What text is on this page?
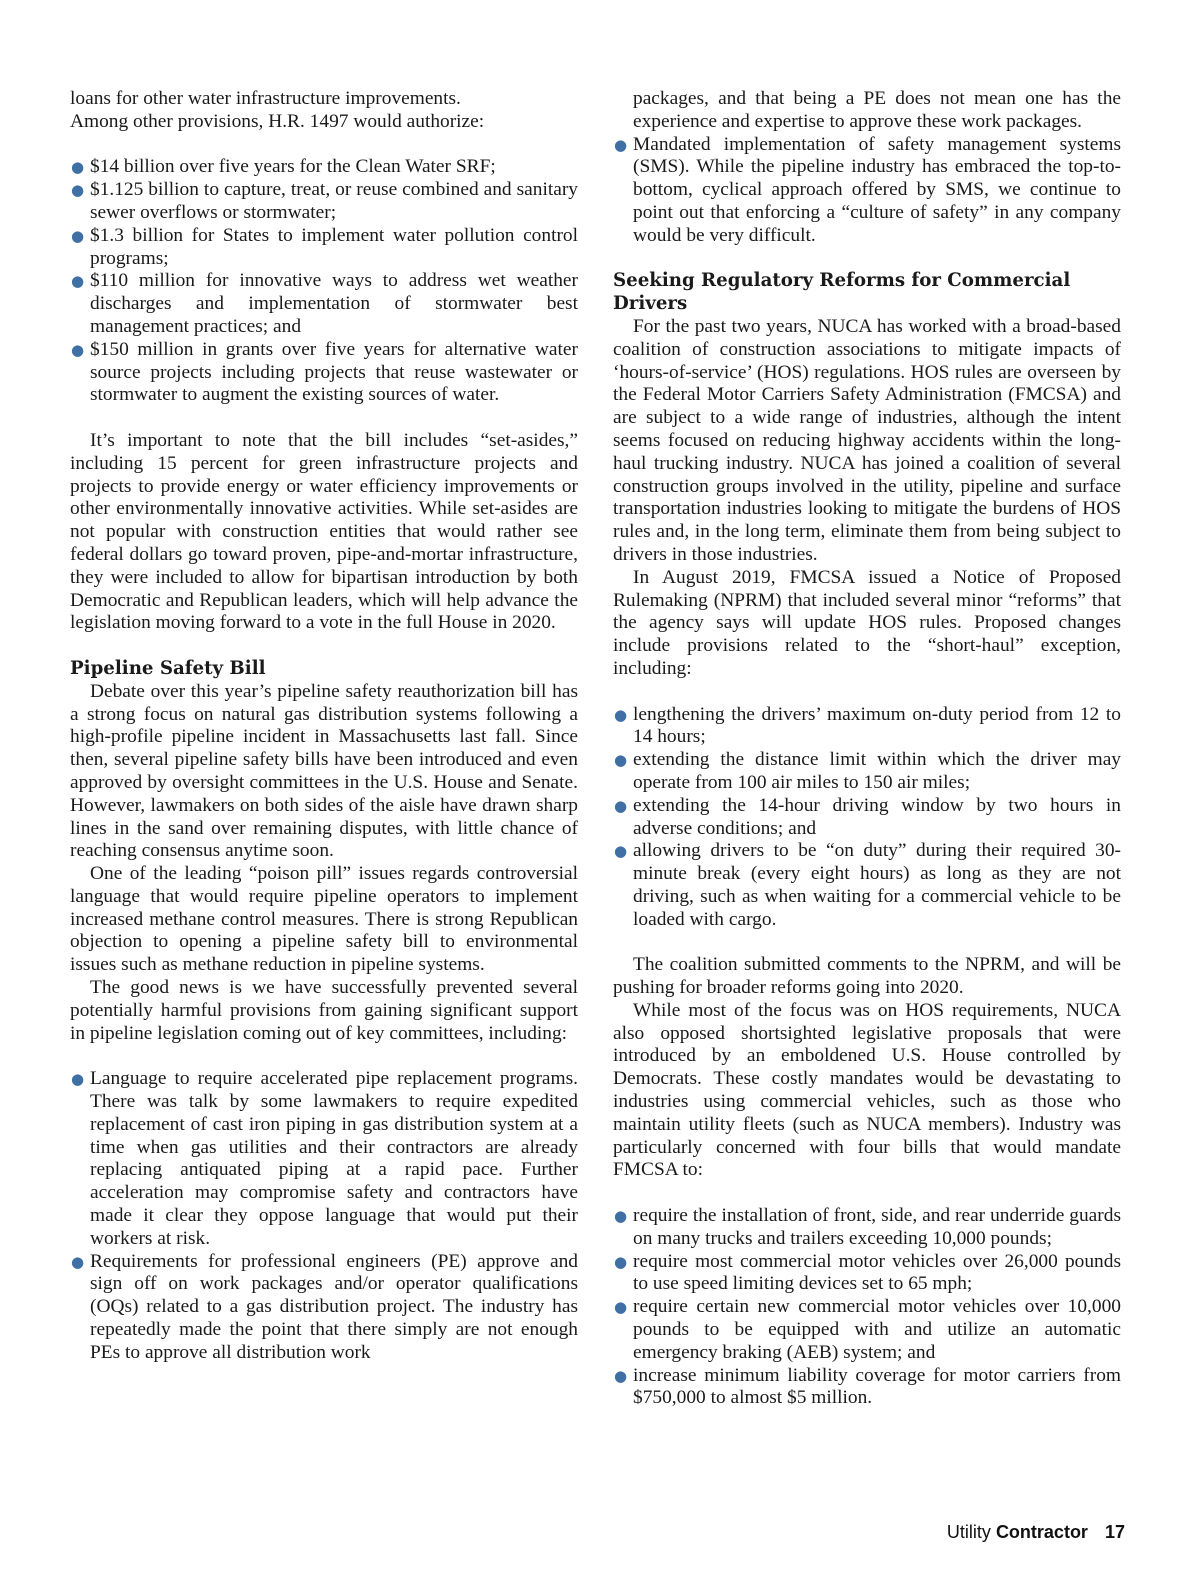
loans for other water infrastructure improvements.

Among other provisions, H.R. 1497 would authorize:

● $14 billion over five years for the Clean Water SRF;
● $1.125 billion to capture, treat, or reuse combined and sanitary sewer overflows or stormwater;
● $1.3 billion for States to implement water pollution control programs;
● $110 million for innovative ways to address wet weather discharges and implementation of stormwater best management practices; and
● $150 million in grants over five years for alternative water source projects including projects that reuse wastewater or stormwater to augment the existing sources of water.

It’s important to note that the bill includes “set-asides,” including 15 percent for green infrastructure projects and projects to provide energy or water efficiency improvements or other environmentally innovative activities. While set-asides are not popular with construction entities that would rather see federal dollars go toward proven, pipe-and-mortar infrastructure, they were included to allow for bipartisan introduction by both Democratic and Republican leaders, which will help advance the legislation moving forward to a vote in the full House in 2020.

Pipeline Safety Bill

Debate over this year’s pipeline safety reauthorization bill has a strong focus on natural gas distribution systems following a high-profile pipeline incident in Massachusetts last fall. Since then, several pipeline safety bills have been introduced and even approved by oversight committees in the U.S. House and Senate. However, lawmakers on both sides of the aisle have drawn sharp lines in the sand over remaining disputes, with little chance of reaching consensus anytime soon.

One of the leading “poison pill” issues regards controversial language that would require pipeline operators to implement increased methane control measures. There is strong Republican objection to opening a pipeline safety bill to environmental issues such as methane reduction in pipeline systems.

The good news is we have successfully prevented several potentially harmful provisions from gaining significant support in pipeline legislation coming out of key committees, including:

● Language to require accelerated pipe replacement programs. There was talk by some lawmakers to require expedited replacement of cast iron piping in gas distribution system at a time when gas utilities and their contractors are already replacing antiquated piping at a rapid pace. Further acceleration may compromise safety and contractors have made it clear they oppose language that would put their workers at risk.
● Requirements for professional engineers (PE) approve and sign off on work packages and/or operator qualifications (OQs) related to a gas distribution project. The industry has repeatedly made the point that there simply are not enough PEs to approve all distribution work

packages, and that being a PE does not mean one has the experience and expertise to approve these work packages.

● Mandated implementation of safety management systems (SMS). While the pipeline industry has embraced the top-to-bottom, cyclical approach offered by SMS, we continue to point out that enforcing a “culture of safety” in any company would be very difficult.
Seeking Regulatory Reforms for Commercial Drivers

For the past two years, NUCA has worked with a broad-based coalition of construction associations to mitigate impacts of ‘hours-of-service’ (HOS) regulations. HOS rules are overseen by the Federal Motor Carriers Safety Administration (FMCSA) and are subject to a wide range of industries, although the intent seems focused on reducing highway accidents within the long-haul trucking industry. NUCA has joined a coalition of several construction groups involved in the utility, pipeline and surface transportation industries looking to mitigate the burdens of HOS rules and, in the long term, eliminate them from being subject to drivers in those industries.

In August 2019, FMCSA issued a Notice of Proposed Rulemaking (NPRM) that included several minor “reforms” that the agency says will update HOS rules. Proposed changes include provisions related to the “short-haul” exception, including:

● lengthening the drivers’ maximum on-duty period from 12 to 14 hours;
● extending the distance limit within which the driver may operate from 100 air miles to 150 air miles;
● extending the 14-hour driving window by two hours in adverse conditions; and
● allowing drivers to be “on duty” during their required 30-minute break (every eight hours) as long as they are not driving, such as when waiting for a commercial vehicle to be loaded with cargo.

The coalition submitted comments to the NPRM, and will be pushing for broader reforms going into 2020.

While most of the focus was on HOS requirements, NUCA also opposed shortsighted legislative proposals that were introduced by an emboldened U.S. House controlled by Democrats. These costly mandates would be devastating to industries using commercial vehicles, such as those who maintain utility fleets (such as NUCA members). Industry was particularly concerned with four bills that would mandate FMCSA to:

● require the installation of front, side, and rear underride guards on many trucks and trailers exceeding 10,000 pounds;
● require most commercial motor vehicles over 26,000 pounds to use speed limiting devices set to 65 mph;
● require certain new commercial motor vehicles over 10,000 pounds to be equipped with and utilize an automatic emergency braking (AEB) system; and
● increase minimum liability coverage for motor carriers from $750,000 to almost $5 million.
Utility Contractor 17
